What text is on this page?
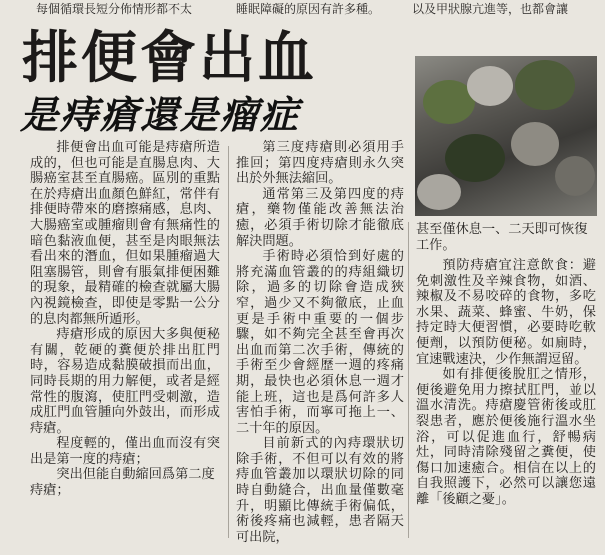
每個循環長短分佈情形都不太	睡眠障礙的原因有許多種。	以及甲狀腺亢進等，也都會讓
排便會出血
是痔瘡還是瘤症

甚至僅休息一、二天即可恢復工作。

排便會出血可能是痔瘡所造成的，但也可能是直腸息肉、大腸癌室甚至直腸癌。區別的重點在於痔瘡出血顏色鮮紅，常伴有排便時帶來的磨擦痛感，息肉、大腸癌室或腫瘤則會有無痛性的暗色黏液血便，甚至是肉眼無法看出來的潛血，但如果腫瘤過大阻塞腸管，則會有脹氣排便困難的現象，最精確的檢查就屬大腸內視鏡檢查，即使是零點一公分的息肉都無所遁形。

痔瘡形成的原因大多與便秘有關，乾硬的糞便於排出肛門時，容易造成黏膜破損而出血，同時長期的用力解便，或者是經常性的腹瀉，使肛門受刺激，造成肛門血管腫向外鼓出，而形成痔瘡。

程度輕的，僅出血而沒有突出是第一度的痔瘡；

突出但能自動縮回爲第二度痔瘡；

第三度痔瘡則必須用手推回；第四度痔瘡則永久突出於外無法縮回。

通常第三及第四度的痔瘡，藥物僅能改善無法治癒，必須手術切除才能徹底解決問題。

手術時必須恰到好處的將充滿血管叢的的痔組織切除，過多的切除會造成狹窄，過少又不夠徹底，止血更是手術中重要的一個步驟，如不夠完全甚至會再次出血而第二次手術，傳統的手術至少會經歷一週的疼痛期，最快也必須休息一週才能上班，這也是爲何許多人害怕手術，而寧可拖上一、二十年的原因。

目前新式的內痔環狀切除手術，不但可以有效的將痔血管叢加以環狀切除的同時自動縫合，出血量僅數毫升，明顯比傳統手術偏低，術後疼痛也減輕，患者隔天可出院，

預防痔瘡宜注意飲食：避免刺激性及辛辣食物，如酒、辣椒及不易咬碎的食物，多吃水果、蔬菜、蜂蜜、牛奶，保持定時大便習慣，必要時吃軟便劑，以預防便秘。如廁時，宜速戰速決，少作無謂逗留。

如有排便後脫肛之情形，便後避免用力擦拭肛門，並以溫水清洗。痔瘡慶管術後或肛裂患者，應於便後施行溫水坐浴，可以促進血行，舒暢病灶，同時清除殘留之糞便，使傷口加速癒合。相信在以上的自我照護下，必然可以讓您遠離「後顧之憂」。
